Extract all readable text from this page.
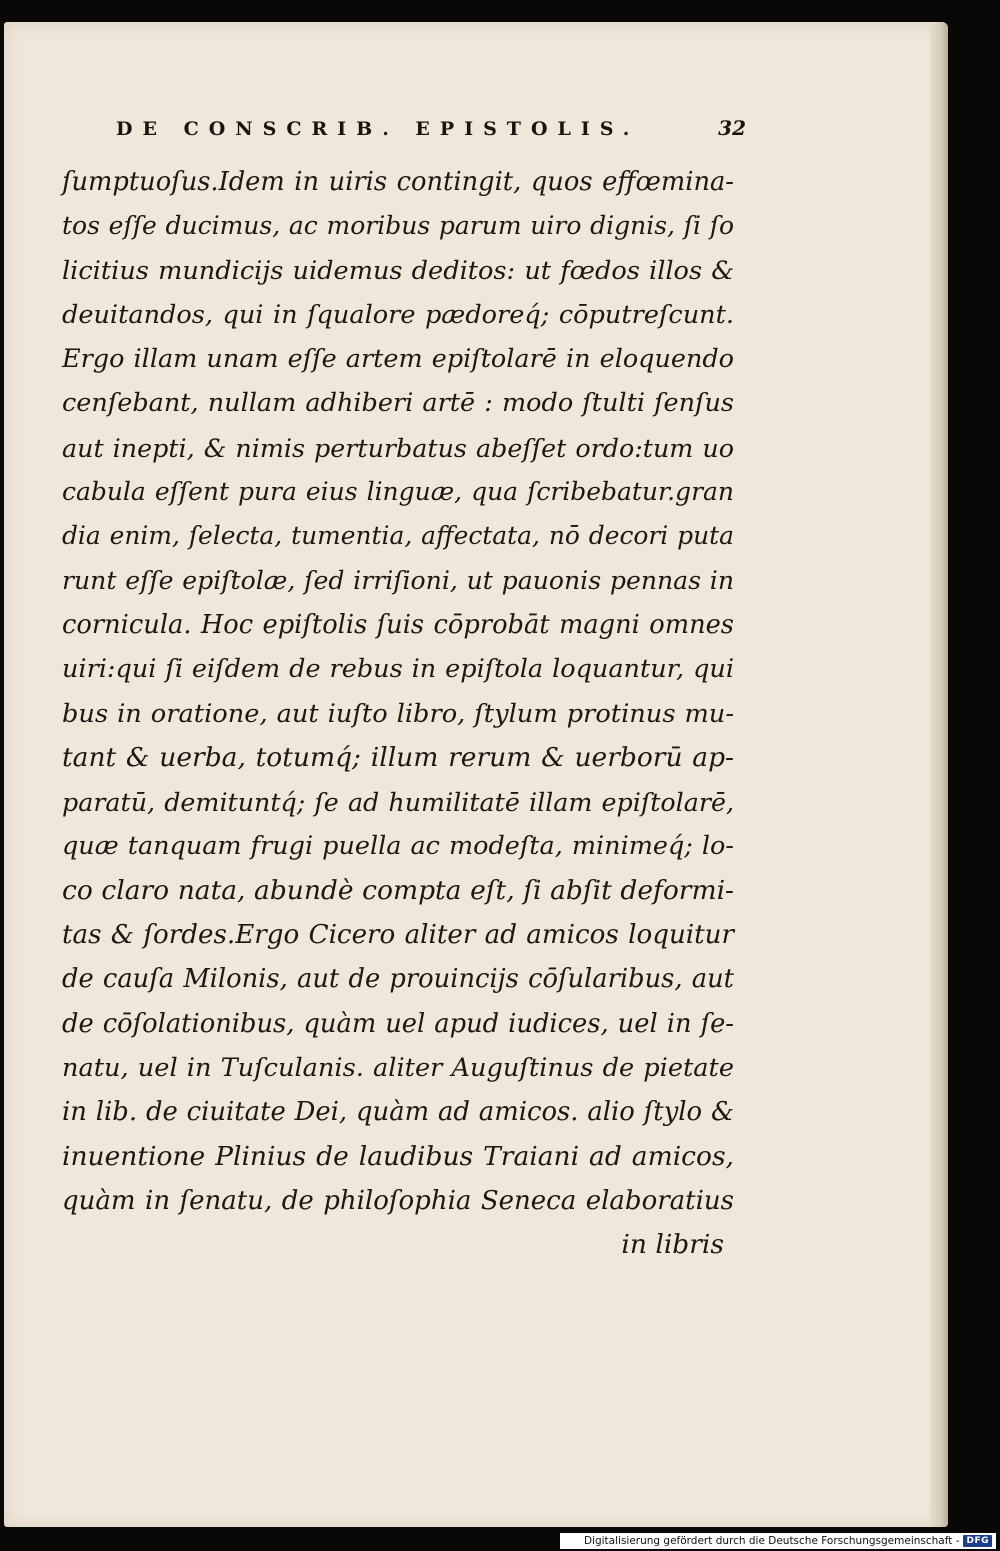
DE CONSCRIB. EPISTOLIS.	32
ſumptuoſus.Idem in uiris contingit, quos effœmina-
tos eſſe ducimus, ac moribus parum uiro dignis, ſi ſo
licitius mundicijs uidemus deditos: ut fœdos illos &
deuitandos, qui in ſqualore pædoreq́; cōputreſcunt.
Ergo illam unam eſſe artem epiſtolarē in eloquendo
cenſebant, nullam adhiberi artē : modo ſtulti ſenſus
aut inepti, & nimis perturbatus abeſſet ordo:tum uo
cabula eſſent pura eius linguæ, qua ſcribebatur.gran
dia enim, ſelecta, tumentia, affectata, nō decori puta
runt eſſe epiſtolæ, ſed irriſioni, ut pauonis pennas in
cornicula. Hoc epiſtolis ſuis cōprobāt magni omnes
uiri:qui ſi eiſdem de rebus in epiſtola loquantur, qui
bus in oratione, aut iuſto libro, ſtylum protinus mu-
tant & uerba, totumq́; illum rerum & uerborū ap-
paratū, demituntq́; ſe ad humilitatē illam epiſtolarē,
quæ tanquam frugi puella ac modeſta, minimeq́; lo-
co claro nata, abundè compta eſt, ſi abſit deformi-
tas & ſordes.Ergo Cicero aliter ad amicos loquitur
de cauſa Milonis, aut de prouincijs cōſularibus, aut
de cōſolationibus, quàm uel apud iudices, uel in ſe-
natu, uel in Tuſculanis. aliter Auguſtinus de pietate
in lib. de ciuitate Dei, quàm ad amicos. alio ſtylo &
inuentione Plinius de laudibus Traiani ad amicos,
quàm in ſenatu, de philoſophia Seneca elaboratius
in libris
Digitalisierung gefördert durch die Deutsche Forschungsgemeinschaft - DFG
